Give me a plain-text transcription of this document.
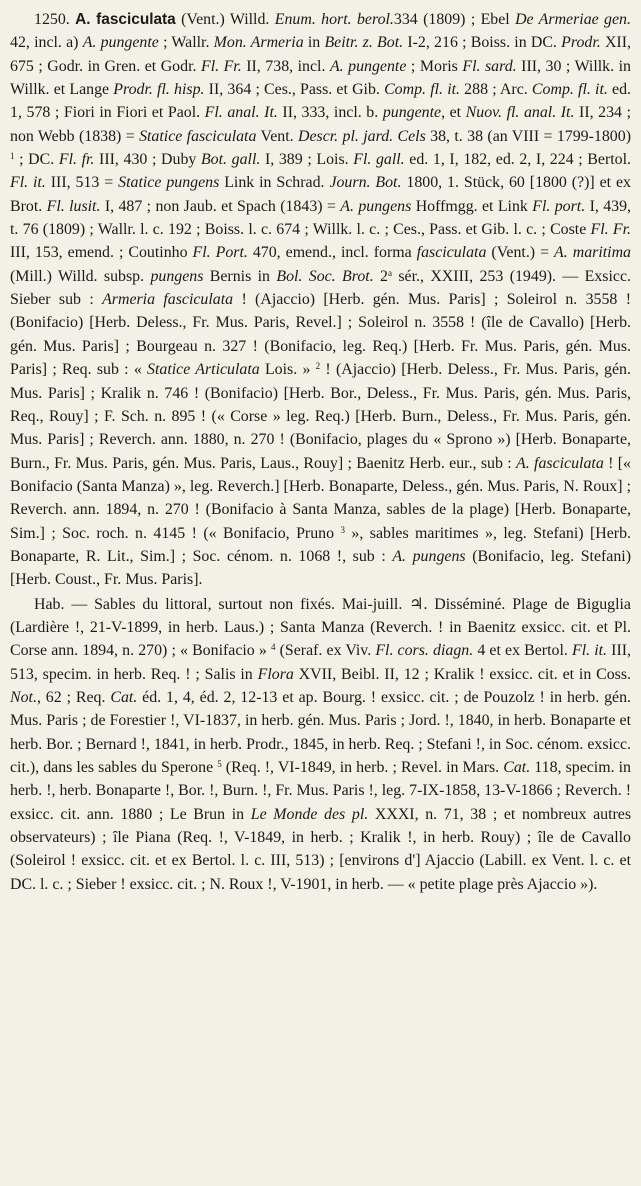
1250. A. fasciculata (Vent.) Willd. Enum. hort. berol.334 (1809) ; Ebel De Armeriae gen. 42, incl. a) A. pungente ; Wallr. Mon. Armeria in Beitr. z. Bot. I-2, 216 ; Boiss. in DC. Prodr. XII, 675 ; Godr. in Gren. et Godr. Fl. Fr. II, 738, incl. A. pungente ; Moris Fl. sard. III, 30 ; Willk. in Willk. et Lange Prodr. fl. hisp. II, 364 ; Ces., Pass. et Gib. Comp. fl. it. 288 ; Arc. Comp. fl. it. ed. 1, 578 ; Fiori in Fiori et Paol. Fl. anal. It. II, 333, incl. b. pungente, et Nuov. fl. anal. It. II, 234 ; non Webb (1838) = Statice fasciculata Vent. Descr. pl. jard. Cels 38, t. 38 (an VIII = 1799-1800) $^1$ ; DC. Fl. fr. III, 430 ; Duby Bot. gall. I, 389 ; Lois. Fl. gall. ed. 1, I, 182, ed. 2, I, 224 ; Bertol. Fl. it. III, 513 = Statice pungens Link in Schrad. Journ. Bot. 1800, 1. Stück, 60 [1800 (?)] et ex Brot. Fl. lusit. I, 487 ; non Jaub. et Spach (1843) = A. pungens Hoffmgg. et Link Fl. port. I, 439, t. 76 (1809) ; Wallr. l. c. 192 ; Boiss. l. c. 674 ; Willk. l. c. ; Ces., Pass. et Gib. l. c. ; Coste Fl. Fr. III, 153, emend. ; Coutinho Fl. Port. 470, emend., incl. forma fasciculata (Vent.) = A. maritima (Mill.) Willd. subsp. pungens Bernis in Bol. Soc. Brot. 2$^a$ sér., XXIII, 253 (1949). — Exsicc. Sieber sub : Armeria fasciculata ! (Ajaccio) [Herb. gén. Mus. Paris] ; Soleirol n. 3558 ! (Bonifacio) [Herb. Deless., Fr. Mus. Paris, Revel.] ; Soleirol n. 3558 ! (île de Cavallo) [Herb. gén. Mus. Paris] ; Bourgeau n. 327 ! (Bonifacio, leg. Req.) [Herb. Fr. Mus. Paris, gén. Mus. Paris] ; Req. sub : « Statice Articulata Lois. » $^2$ ! (Ajaccio) [Herb. Deless., Fr. Mus. Paris, gén. Mus. Paris] ; Kralik n. 746 ! (Bonifacio) [Herb. Bor., Deless., Fr. Mus. Paris, gén. Mus. Paris, Req., Rouy] ; F. Sch. n. 895 ! (« Corse » leg. Req.) [Herb. Burn., Deless., Fr. Mus. Paris, gén. Mus. Paris] ; Reverch. ann. 1880, n. 270 ! (Bonifacio, plages du « Sprono ») [Herb. Bonaparte, Burn., Fr. Mus. Paris, gén. Mus. Paris, Laus., Rouy] ; Baenitz Herb. eur., sub : A. fasciculata ! [« Bonifacio (Santa Manza) », leg. Reverch.] [Herb. Bonaparte, Deless., gén. Mus. Paris, N. Roux] ; Reverch. ann. 1894, n. 270 ! (Bonifacio à Santa Manza, sables de la plage) [Herb. Bonaparte, Sim.] ; Soc. roch. n. 4145 ! (« Bonifacio, Pruno $^3$ », sables maritimes », leg. Stefani) [Herb. Bonaparte, R. Lit., Sim.] ; Soc. cénom. n. 1068 !, sub : A. pungens (Bonifacio, leg. Stefani) [Herb. Coust., Fr. Mus. Paris].

Hab. — Sables du littoral, surtout non fixés. Mai-juill. ♃. Disséminé. Plage de Biguglia (Lardière !, 21-V-1899, in herb. Laus.) ; Santa Manza (Reverch. ! in Baenitz exsicc. cit. et Pl. Corse ann. 1894, n. 270) ; « Bonifacio » $^4$ (Seraf. ex Viv. Fl. cors. diagn. 4 et ex Bertol. Fl. it. III, 513, specim. in herb. Req. ! ; Salis in Flora XVII, Beibl. II, 12 ; Kralik ! exsicc. cit. et in Coss. Not., 62 ; Req. Cat. éd. 1, 4, éd. 2, 12-13 et ap. Bourg. ! exsicc. cit. ; de Pouzolz ! in herb. gén. Mus. Paris ; de Forestier !, VI-1837, in herb. gén. Mus. Paris ; Jord. !, 1840, in herb. Bonaparte et herb. Bor. ; Bernard !, 1841, in herb. Prodr., 1845, in herb. Req. ; Stefani !, in Soc. cénom. exsicc. cit.), dans les sables du Sperone $^5$ (Req. !, VI-1849, in herb. ; Revel. in Mars. Cat. 118, specim. in herb. !, herb. Bonaparte !, Bor. !, Burn. !, Fr. Mus. Paris !, leg. 7-IX-1858, 13-V-1866 ; Reverch. ! exsicc. cit. ann. 1880 ; Le Brun in Le Monde des pl. XXXI, n. 71, 38 ; et nombreux autres observateurs) ; île Piana (Req. !, V-1849, in herb. ; Kralik !, in herb. Rouy) ; île de Cavallo (Soleirol ! exsicc. cit. et ex Bertol. l. c. III, 513) ; [environs d'] Ajaccio (Labill. ex Vent. l. c. et DC. l. c. ; Sieber ! exsicc. cit. ; N. Roux !, V-1901, in herb. — « petite plage près Ajaccio »).
